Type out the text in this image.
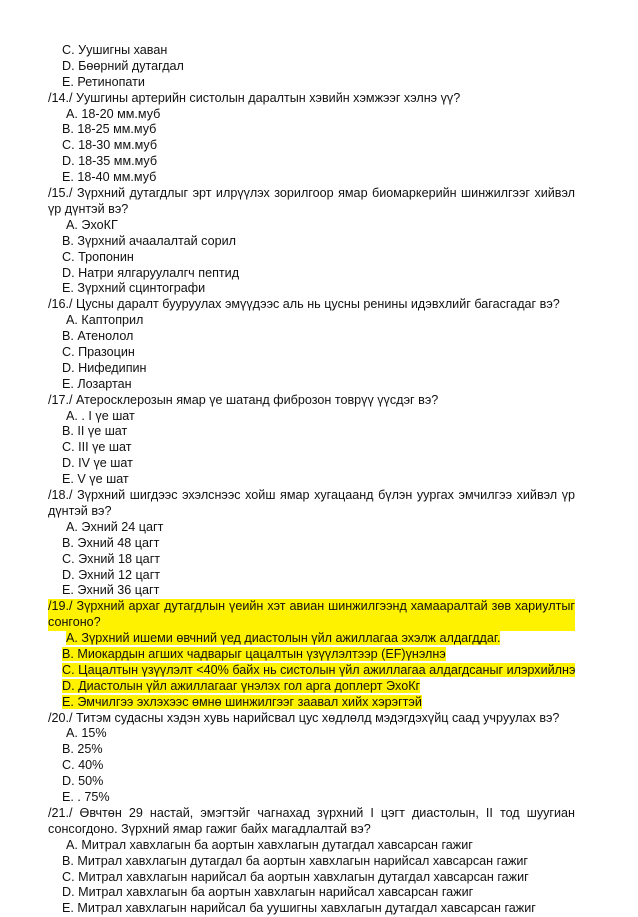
C. Уушигны хаван
D. Бөөрний дутагдал
E. Ретинопати
/14./ Уушгины артерийн систолын даралтын хэвийн хэмжээг хэлнэ үү?
A. 18-20 мм.муб
B. 18-25 мм.муб
C. 18-30 мм.муб
D. 18-35 мм.муб
E. 18-40 мм.муб
/15./ Зүрхний дутагдлыг эрт илрүүлэх зорилгоор ямар биомаркерийн шинжилгээг хийвэл үр дүнтэй вэ?
A. ЭхоКГ
B. Зүрхний ачаалалтай сорил
C. Тропонин
D. Натри ялгаруулалгч пептид
E. Зүрхний сцинтографи
/16./ Цусны даралт бууруулах эмүүдээс аль нь цусны ренины идэвхлийг багасгадаг вэ?
A. Каптоприл
B. Атенолол
C. Празоцин
D. Нифедипин
E. Лозартан
/17./ Атеросклерозын ямар үе шатанд фиброзон товрүү үүсдэг вэ?
A. . I үе шат
B. II үе шат
C. III үе шат
D. IV үе шат
E. V үе шат
/18./ Зүрхний шигдээс эхэлснээс хойш ямар хугацаанд бүлэн уургах эмчилгээ хийвэл үр дүнтэй вэ?
A. Эхний 24 цагт
B. Эхний 48 цагт
C. Эхний 18 цагт
D. Эхний 12 цагт
E. Эхний 36 цагт
/19./ Зүрхний архаг дутагдлын үеийн хэт авиан шинжилгээнд хамааралтай зөв хариултыг сонгоно?
A. Зүрхний ишеми өвчний үед диастолын үйл ажиллагаа эхэлж алдагддаг.
B. Миокардын агших чадварыг цацалтын үзүүлэлтээр (EF)үнэлнэ
C. Цацалтын үзүүлэлт <40% байх нь систолын үйл ажиллагаа алдагдсаныг илэрхийлнэ
D. Диастолын үйл ажиллагааг үнэлэх гол арга доплерт ЭхоКг
E. Эмчилгээ эхлэхээс өмнө шинжилгээг заавал хийх хэрэгтэй
/20./ Титэм судасны хэдэн хувь нарийсвал цус хөдлөлд мэдэгдэхүйц саад учруулах вэ?
A. 15%
B. 25%
C. 40%
D. 50%
E. . 75%
/21./ Өвчтөн 29 настай, эмэгтэйг чагнахад зүрхний I цэгт диастолын, II тод шуугиан сонсогдоно. Зүрхний ямар гажиг байх магадлалтай вэ?
A. Митрал хавхлагын ба аортын хавхлагын дутагдал хавсарсан гажиг
B. Митрал хавхлагын дутагдал ба аортын хавхлагын нарийсал хавсарсан гажиг
C. Митрал хавхлагын нарийсал ба аортын хавхлагын дутагдал хавсарсан гажиг
D. Митрал хавхлагын ба аортын хавхлагын нарийсал хавсарсан гажиг
E. Митрал хавхлагын нарийсал ба уушигны хавхлагын дутагдал хавсарсан гажиг
